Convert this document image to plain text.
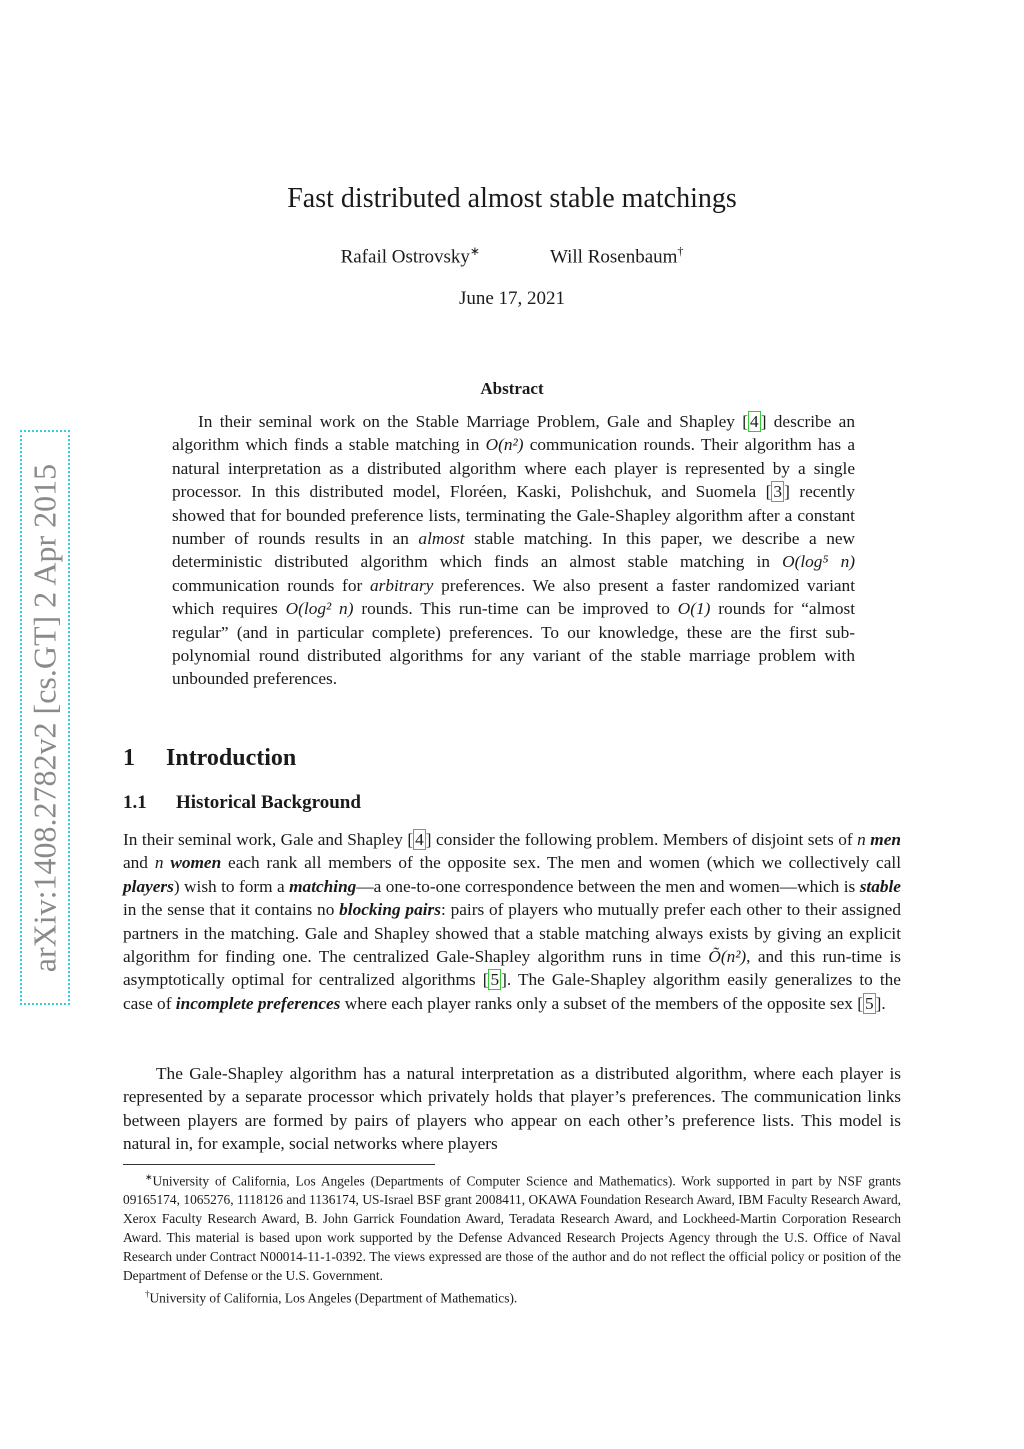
arXiv:1408.2782v2 [cs.GT] 2 Apr 2015
Fast distributed almost stable matchings
Rafail Ostrovsky∗	Will Rosenbaum†
June 17, 2021
Abstract

In their seminal work on the Stable Marriage Problem, Gale and Shapley [ 4 ] describe an algorithm which finds a stable matching in O(n²) communication rounds. Their algorithm has a natural interpretation as a distributed algorithm where each player is represented by a single processor. In this distributed model, Floréen, Kaski, Polishchuk, and Suomela [ 3 ] recently showed that for bounded preference lists, terminating the Gale-Shapley algorithm after a constant number of rounds results in an almost stable matching. In this paper, we describe a new deterministic distributed algorithm which finds an almost stable matching in O(log⁵ n) communication rounds for arbitrary preferences. We also present a faster randomized variant which requires O(log² n) rounds. This run-time can be improved to O(1) rounds for “almost regular” (and in particular complete) preferences. To our knowledge, these are the first sub-polynomial round distributed algorithms for any variant of the stable marriage problem with unbounded preferences.

1 Introduction
1.1 Historical Background

In their seminal work, Gale and Shapley [ 4 ] consider the following problem. Members of disjoint sets of n men and n women each rank all members of the opposite sex. The men and women (which we collectively call players) wish to form a matching—a one-to-one correspondence between the men and women—which is stable in the sense that it contains no blocking pairs: pairs of players who mutually prefer each other to their assigned partners in the matching. Gale and Shapley showed that a stable matching always exists by giving an explicit algorithm for finding one. The centralized Gale-Shapley algorithm runs in time Õ(n²), and this run-time is asymptotically optimal for centralized algorithms [ 5 ]. The Gale-Shapley algorithm easily generalizes to the case of incomplete preferences where each player ranks only a subset of the members of the opposite sex [ 5 ].

The Gale-Shapley algorithm has a natural interpretation as a distributed algorithm, where each player is represented by a separate processor which privately holds that player’s preferences. The communication links between players are formed by pairs of players who appear on each other’s preference lists. This model is natural in, for example, social networks where players

∗University of California, Los Angeles (Departments of Computer Science and Mathematics). Work supported in part by NSF grants 09165174, 1065276, 1118126 and 1136174, US-Israel BSF grant 2008411, OKAWA Foundation Research Award, IBM Faculty Research Award, Xerox Faculty Research Award, B. John Garrick Foundation Award, Teradata Research Award, and Lockheed-Martin Corporation Research Award. This material is based upon work supported by the Defense Advanced Research Projects Agency through the U.S. Office of Naval Research under Contract N00014-11-1-0392. The views expressed are those of the author and do not reflect the official policy or position of the Department of Defense or the U.S. Government.

†University of California, Los Angeles (Department of Mathematics).
